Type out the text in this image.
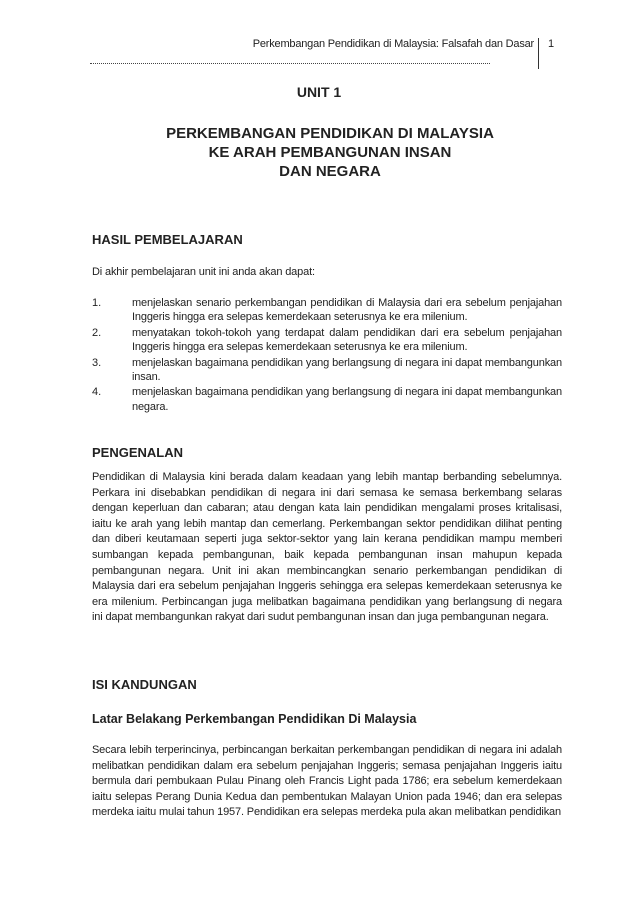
Perkembangan Pendidikan di Malaysia: Falsafah dan Dasar 1
UNIT 1
PERKEMBANGAN PENDIDIKAN DI MALAYSIA
KE ARAH PEMBANGUNAN INSAN
DAN NEGARA
HASIL PEMBELAJARAN
Di akhir pembelajaran unit ini anda akan dapat:
1.	menjelaskan senario perkembangan pendidikan di Malaysia dari era sebelum penjajahan Inggeris hingga era selepas kemerdekaan seterusnya ke era milenium.
2.	menyatakan tokoh-tokoh yang terdapat dalam pendidikan dari era sebelum penjajahan Inggeris hingga era selepas kemerdekaan seterusnya ke era milenium.
3.	menjelaskan bagaimana pendidikan yang berlangsung di negara ini dapat membangunkan insan.
4.	menjelaskan bagaimana pendidikan yang berlangsung di negara ini dapat membangunkan negara.
PENGENALAN
Pendidikan di Malaysia kini berada dalam keadaan yang lebih mantap berbanding sebelumnya. Perkara ini disebabkan pendidikan di negara ini dari semasa ke semasa berkembang selaras dengan keperluan dan cabaran; atau dengan kata lain pendidikan mengalami proses kritalisasi, iaitu ke arah yang lebih mantap dan cemerlang. Perkembangan sektor pendidikan dilihat penting dan diberi keutamaan seperti juga sektor-sektor yang lain kerana pendidikan mampu memberi sumbangan kepada pembangunan, baik kepada pembangunan insan mahupun kepada pembangunan negara. Unit ini akan membincangkan senario perkembangan pendidikan di Malaysia dari era sebelum penjajahan Inggeris sehingga era selepas kemerdekaan seterusnya ke era milenium. Perbincangan juga melibatkan bagaimana pendidikan yang berlangsung di negara ini dapat membangunkan rakyat dari sudut pembangunan insan dan juga pembangunan negara.
ISI KANDUNGAN
Latar Belakang Perkembangan Pendidikan Di Malaysia
Secara lebih terperincinya, perbincangan berkaitan perkembangan pendidikan di negara ini adalah melibatkan pendidikan dalam era sebelum penjajahan Inggeris; semasa penjajahan Inggeris iaitu bermula dari pembukaan Pulau Pinang oleh Francis Light pada 1786; era sebelum kemerdekaan iaitu selepas Perang Dunia Kedua dan pembentukan Malayan Union pada 1946; dan era selepas merdeka iaitu mulai tahun 1957. Pendidikan era selepas merdeka pula akan melibatkan pendidikan
